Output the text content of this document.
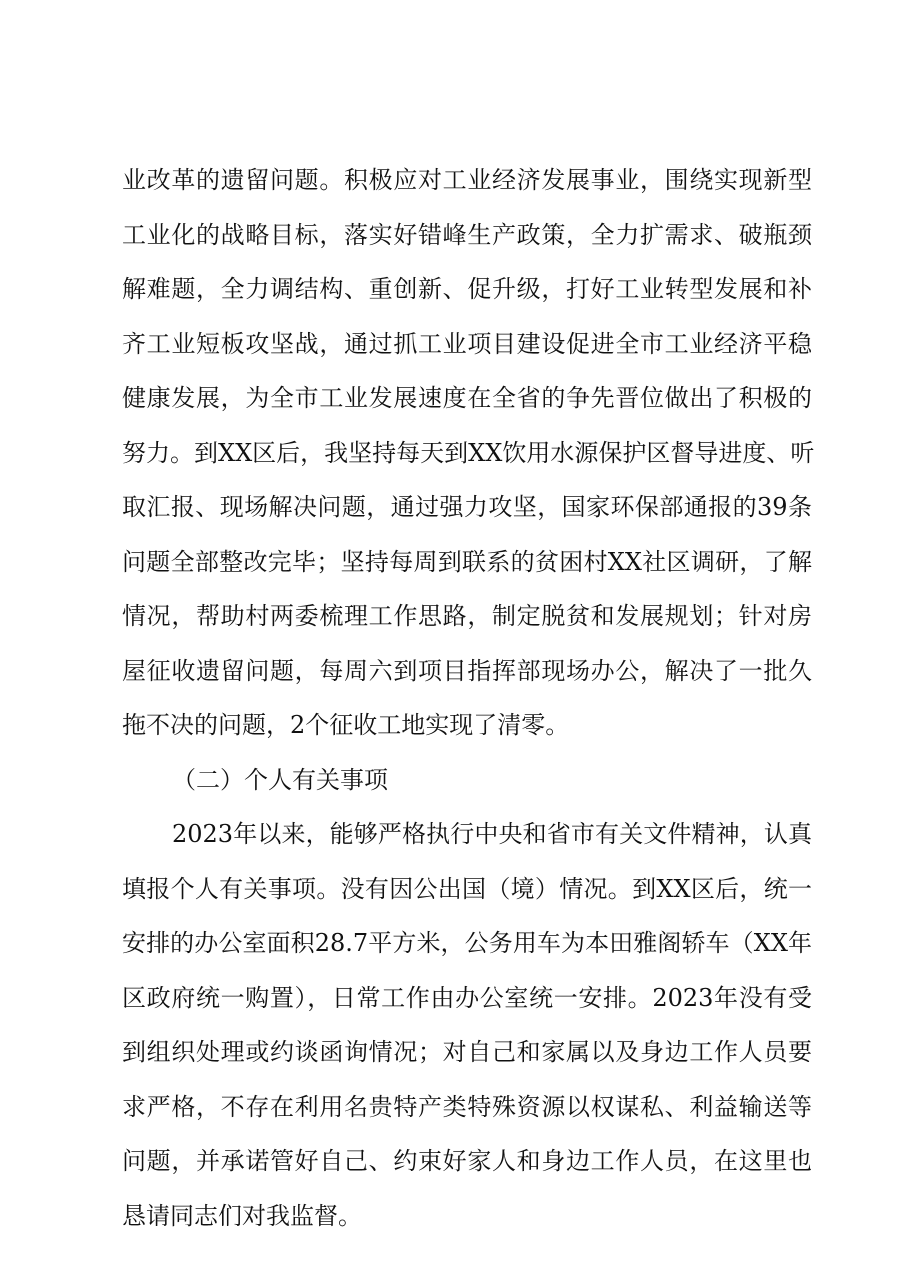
业改革的遗留问题。积极应对工业经济发展事业，围绕实现新型
工业化的战略目标，落实好错峰生产政策，全力扩需求、破瓶颈
解难题，全力调结构、重创新、促升级，打好工业转型发展和补
齐工业短板攻坚战，通过抓工业项目建设促进全市工业经济平稳
健康发展，为全市工业发展速度在全省的争先晋位做出了积极的
努力。到XX区后，我坚持每天到XX饮用水源保护区督导进度、听
取汇报、现场解决问题，通过强力攻坚，国家环保部通报的39条
问题全部整改完毕；坚持每周到联系的贫困村XX社区调研，了解
情况，帮助村两委梳理工作思路，制定脱贫和发展规划；针对房
屋征收遗留问题，每周六到项目指挥部现场办公，解决了一批久
拖不决的问题，2个征收工地实现了清零。
（二）个人有关事项
2023年以来，能够严格执行中央和省市有关文件精神，认真
填报个人有关事项。没有因公出国（境）情况。到XX区后，统一
安排的办公室面积28.7平方米，公务用车为本田雅阁轿车（XX年
区政府统一购置），日常工作由办公室统一安排。2023年没有受
到组织处理或约谈函询情况；对自己和家属以及身边工作人员要
求严格，不存在利用名贵特产类特殊资源以权谋私、利益输送等
问题，并承诺管好自己、约束好家人和身边工作人员，在这里也
恳请同志们对我监督。
